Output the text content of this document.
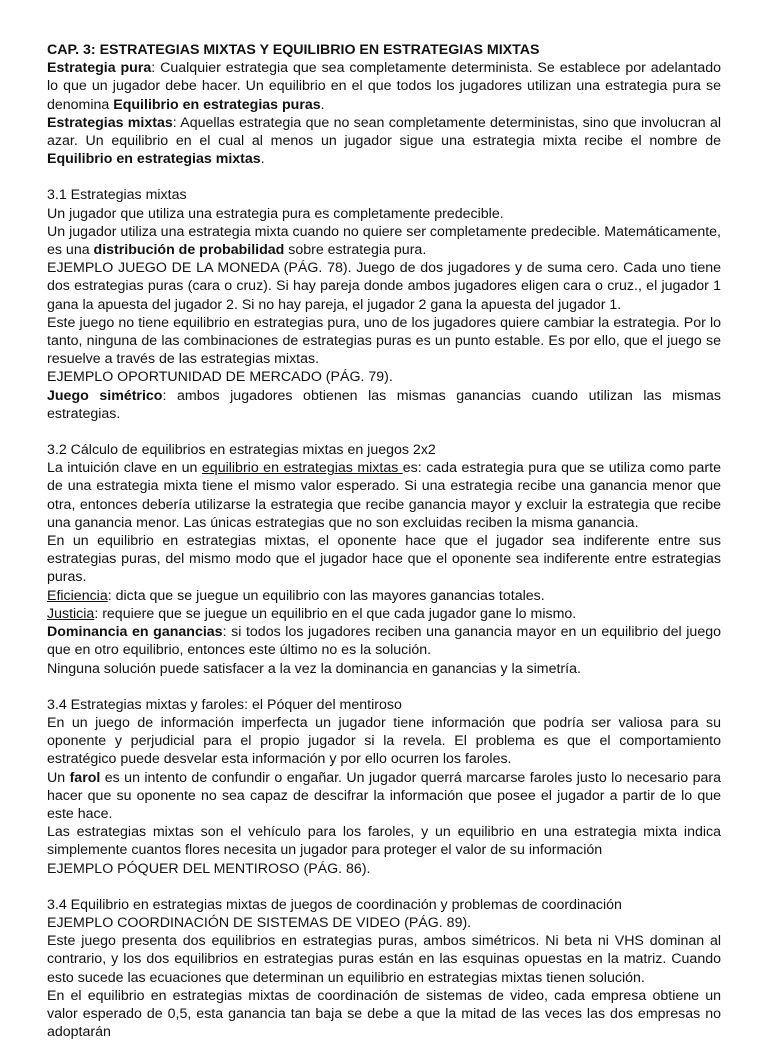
CAP. 3: ESTRATEGIAS MIXTAS Y EQUILIBRIO EN ESTRATEGIAS MIXTAS

Estrategia pura: Cualquier estrategia que sea completamente determinista. Se establece por adelantado lo que un jugador debe hacer. Un equilibrio en el que todos los jugadores utilizan una estrategia pura se denomina Equilibrio en estrategias puras.

Estrategias mixtas: Aquellas estrategia que no sean completamente deterministas, sino que involucran al azar. Un equilibrio en el cual al menos un jugador sigue una estrategia mixta recibe el nombre de Equilibrio en estrategias mixtas.

3.1 Estrategias mixtas

Un jugador que utiliza una estrategia pura es completamente predecible.

Un jugador utiliza una estrategia mixta cuando no quiere ser completamente predecible. Matemáticamente, es una distribución de probabilidad sobre estrategia pura.

EJEMPLO JUEGO DE LA MONEDA (PÁG. 78). Juego de dos jugadores y de suma cero. Cada uno tiene dos estrategias puras (cara o cruz). Si hay pareja donde ambos jugadores eligen cara o cruz., el jugador 1 gana la apuesta del jugador 2. Si no hay pareja, el jugador 2 gana la apuesta del jugador 1.

Este juego no tiene equilibrio en estrategias pura, uno de los jugadores quiere cambiar la estrategia. Por lo tanto, ninguna de las combinaciones de estrategias puras es un punto estable. Es por ello, que el juego se resuelve a través de las estrategias mixtas.

EJEMPLO OPORTUNIDAD DE MERCADO (PÁG. 79).

Juego simétrico: ambos jugadores obtienen las mismas ganancias cuando utilizan las mismas estrategias.

3.2 Cálculo de equilibrios en estrategias mixtas en juegos 2x2

La intuición clave en un equilibrio en estrategias mixtas es: cada estrategia pura que se utiliza como parte de una estrategia mixta tiene el mismo valor esperado. Si una estrategia recibe una ganancia menor que otra, entonces debería utilizarse la estrategia que recibe ganancia mayor y excluir la estrategia que recibe una ganancia menor. Las únicas estrategias que no son excluidas reciben la misma ganancia.

En un equilibrio en estrategias mixtas, el oponente hace que el jugador sea indiferente entre sus estrategias puras, del mismo modo que el jugador hace que el oponente sea indiferente entre estrategias puras.

Eficiencia: dicta que se juegue un equilibrio con las mayores ganancias totales.

Justicia: requiere que se juegue un equilibrio en el que cada jugador gane lo mismo.

Dominancia en ganancias: si todos los jugadores reciben una ganancia mayor en un equilibrio del juego que en otro equilibrio, entonces este último no es la solución.

Ninguna solución puede satisfacer a la vez la dominancia en ganancias y la simetría.

3.4 Estrategias mixtas y faroles: el Póquer del mentiroso

En un juego de información imperfecta un jugador tiene información que podría ser valiosa para su oponente y perjudicial para el propio jugador si la revela. El problema es que el comportamiento estratégico puede desvelar esta información y por ello ocurren los faroles.

Un farol es un intento de confundir o engañar. Un jugador querrá marcarse faroles justo lo necesario para hacer que su oponente no sea capaz de descifrar la información que posee el jugador a partir de lo que este hace.

Las estrategias mixtas son el vehículo para los faroles, y un equilibrio en una estrategia mixta indica simplemente cuantos flores necesita un jugador para proteger el valor de su información

EJEMPLO PÓQUER DEL MENTIROSO (PÁG. 86).

3.4 Equilibrio en estrategias mixtas de juegos de coordinación y problemas de coordinación

EJEMPLO COORDINACIÓN DE SISTEMAS DE VIDEO (PÁG. 89).

Este juego presenta dos equilibrios en estrategias puras, ambos simétricos. Ni beta ni VHS dominan al contrario, y los dos equilibrios en estrategias puras están en las esquinas opuestas en la matriz. Cuando esto sucede las ecuaciones que determinan un equilibrio en estrategias mixtas tienen solución.

En el equilibrio en estrategias mixtas de coordinación de sistemas de video, cada empresa obtiene un valor esperado de 0,5, esta ganancia tan baja se debe a que la mitad de las veces las dos empresas no adoptarán
